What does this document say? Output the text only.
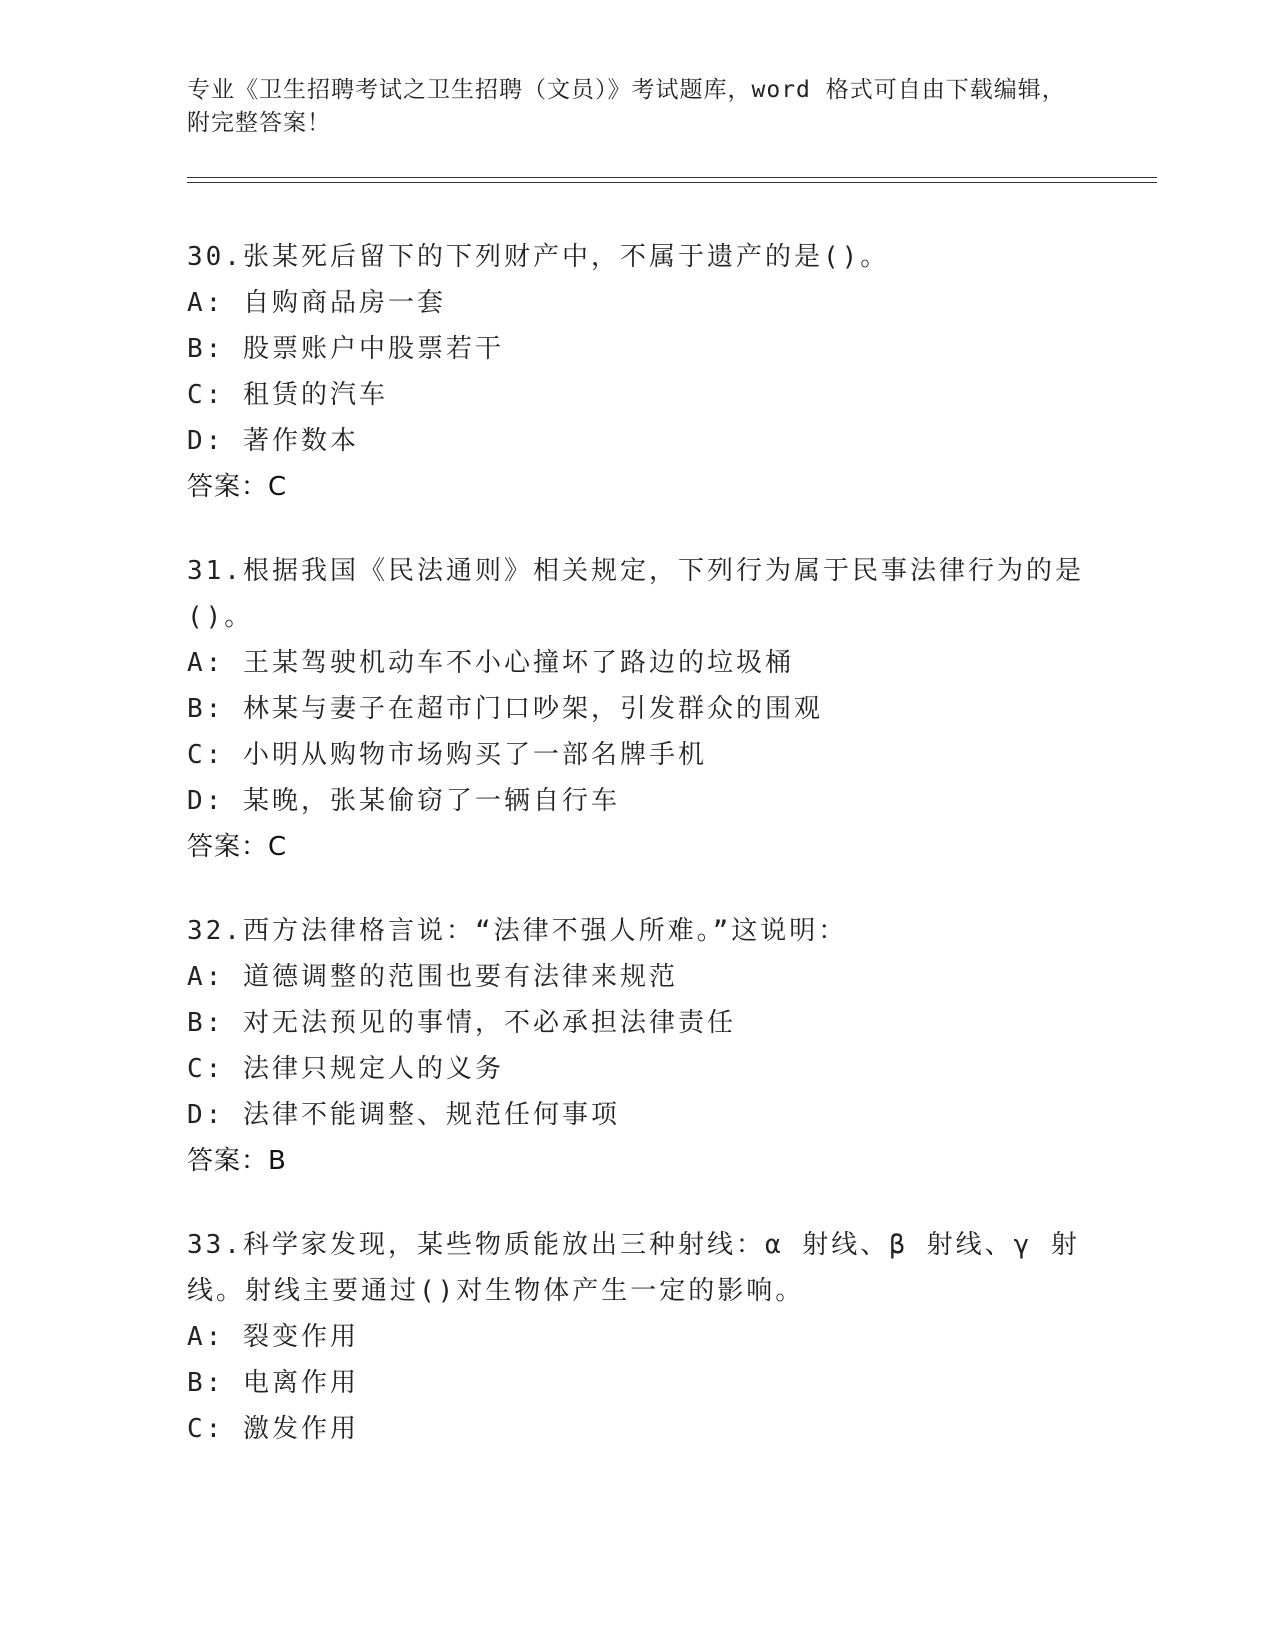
专业《卫生招聘考试之卫生招聘（文员）》考试题库，word 格式可自由下载编辑，附完整答案！

30.张某死后留下的下列财产中，不属于遗产的是()。

A: 自购商品房一套

B: 股票账户中股票若干

C: 租赁的汽车

D: 著作数本

答案：C

31.根据我国《民法通则》相关规定，下列行为属于民事法律行为的是()。

A: 王某驾驶机动车不小心撞坏了路边的垃圾桶

B: 林某与妻子在超市门口吵架，引发群众的围观

C: 小明从购物市场购买了一部名牌手机

D: 某晚，张某偷窃了一辆自行车

答案：C

32.西方法律格言说：“法律不强人所难。”这说明：

A: 道德调整的范围也要有法律来规范

B: 对无法预见的事情，不必承担法律责任

C: 法律只规定人的义务

D: 法律不能调整、规范任何事项

答案：B

33.科学家发现，某些物质能放出三种射线：α 射线、β 射线、γ 射线。射线主要通过()对生物体产生一定的影响。

A: 裂变作用

B: 电离作用

C: 激发作用
